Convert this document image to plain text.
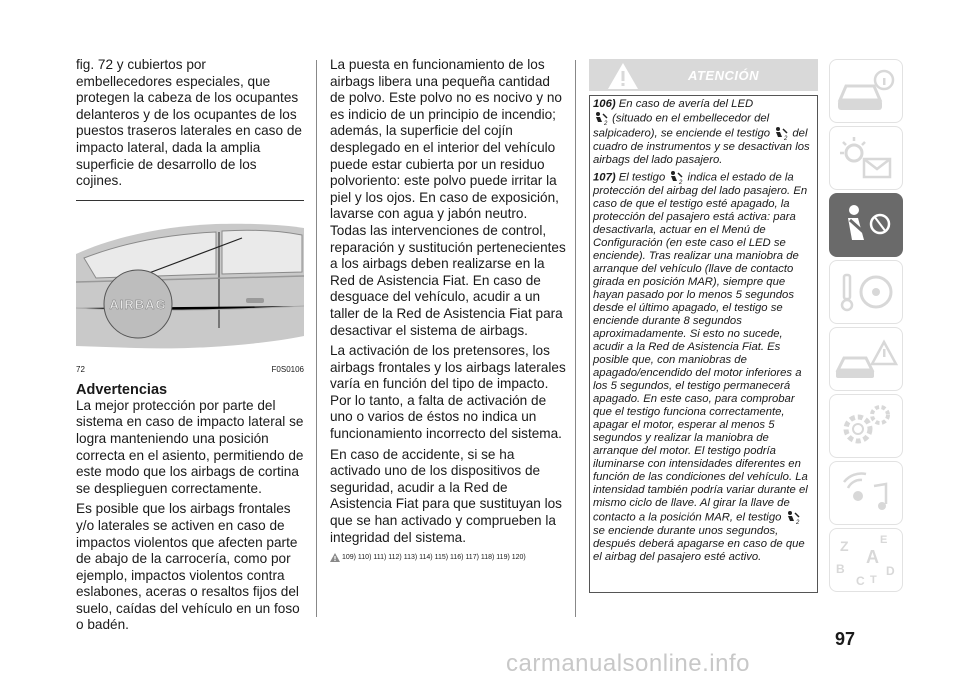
fig. 72 y cubiertos por embellecedores especiales, que protegen la cabeza de los ocupantes delanteros y de los ocupantes de los puestos traseros laterales en caso de impacto lateral, dada la amplia superficie de desarrollo de los cojines.

AIRBAG
72	F0S0106

Advertencias

La mejor protección por parte del sistema en caso de impacto lateral se logra manteniendo una posición correcta en el asiento, permitiendo de este modo que los airbags de cortina se desplieguen correctamente.

Es posible que los airbags frontales y/o laterales se activen en caso de impactos violentos que afecten parte de abajo de la carrocería, como por ejemplo, impactos violentos contra eslabones, aceras o resaltos fijos del suelo, caídas del vehículo en un foso o badén.

La puesta en funcionamiento de los airbags libera una pequeña cantidad de polvo. Este polvo no es nocivo y no es indicio de un principio de incendio; además, la superficie del cojín desplegado en el interior del vehículo puede estar cubierta por un residuo polvoriento: este polvo puede irritar la piel y los ojos. En caso de exposición, lavarse con agua y jabón neutro. Todas las intervenciones de control, reparación y sustitución pertenecientes a los airbags deben realizarse en la Red de Asistencia Fiat. En caso de desguace del vehículo, acudir a un taller de la Red de Asistencia Fiat para desactivar el sistema de airbags.

La activación de los pretensores, los airbags frontales y los airbags laterales varía en función del tipo de impacto. Por lo tanto, a falta de activación de uno o varios de éstos no indica un funcionamiento incorrecto del sistema.

En caso de accidente, si se ha activado uno de los dispositivos de seguridad, acudir a la Red de Asistencia Fiat para que sustituyan los que se han activado y comprueben la integridad del sistema.

109) 110) 111) 112) 113) 114) 115) 116) 117) 118) 119) 120)
ATENCIÓN

106) En caso de avería del LED

2 (situado en el embellecedor del salpicadero), se enciende el testigo 2 del cuadro de instrumentos y se desactivan los airbags del lado pasajero.

107) El testigo 2 indica el estado de la protección del airbag del lado pasajero. En caso de que el testigo esté apagado, la protección del pasajero está activa: para desactivarla, actuar en el Menú de Configuración (en este caso el LED se enciende). Tras realizar una maniobra de arranque del vehículo (llave de contacto girada en posición MAR), siempre que hayan pasado por lo menos 5 segundos desde el último apagado, el testigo se enciende durante 8 segundos aproximadamente. Si esto no sucede, acudir a la Red de Asistencia Fiat. Es posible que, con maniobras de apagado/encendido del motor inferiores a los 5 segundos, el testigo permanecerá apagado. En este caso, para comprobar que el testigo funciona correctamente, apagar el motor, esperar al menos 5 segundos y realizar la maniobra de arranque del motor. El testigo podría iluminarse con intensidades diferentes en función de las condiciones del vehículo. La intensidad también podría variar durante el mismo ciclo de llave. Al girar la llave de contacto a la posición MAR, el testigo 2
se enciende durante unos segundos, después deberá apagarse en caso de que el airbag del pasajero esté activo.

Z	E
A
B
C T
D
97
carmanualsonline.info
